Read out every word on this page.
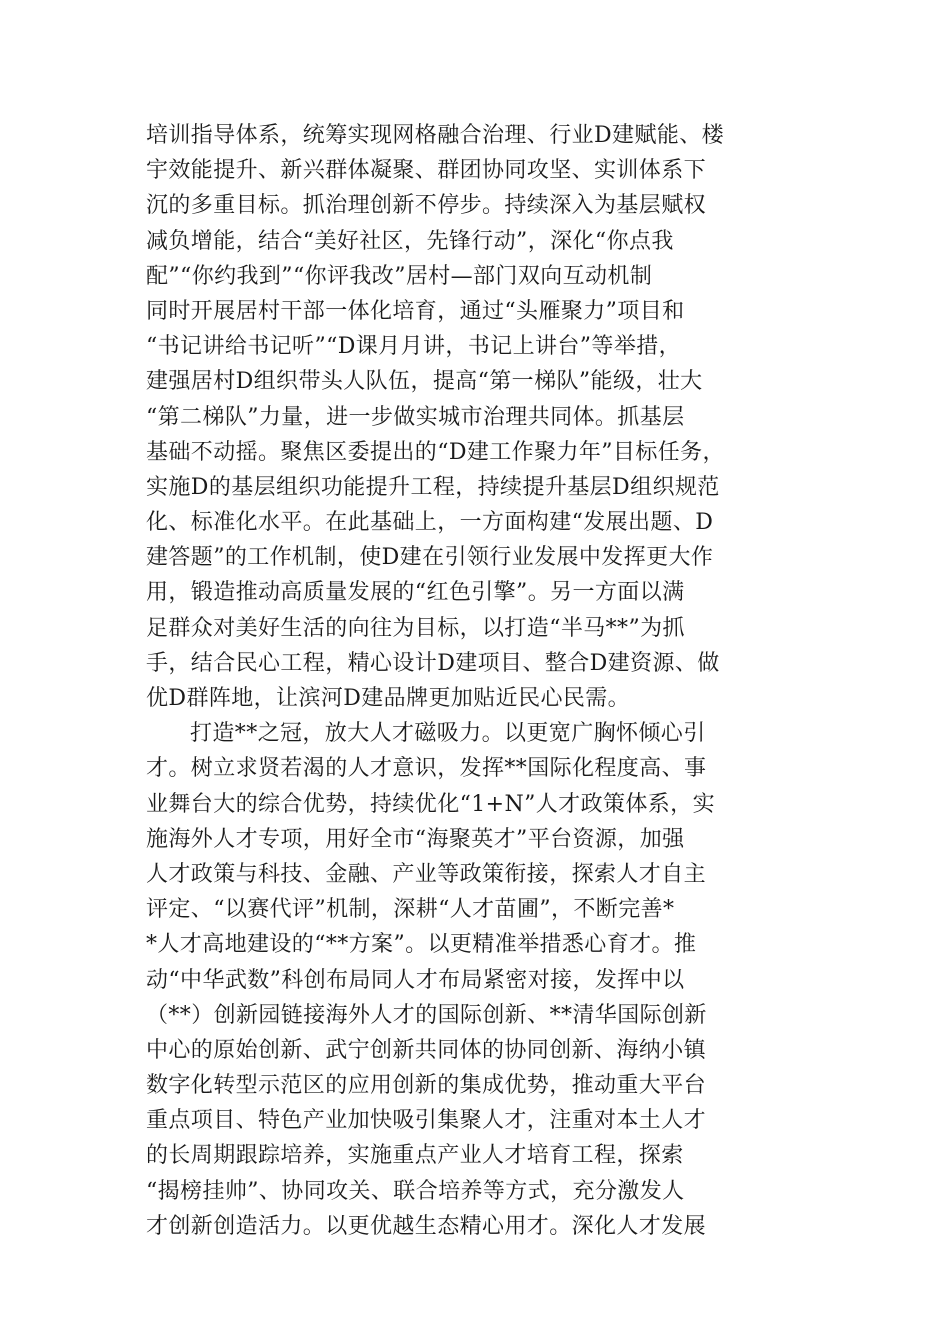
培训指导体系，统筹实现网格融合治理、行业D建赋能、楼
宇效能提升、新兴群体凝聚、群团协同攻坚、实训体系下
沉的多重目标。抓治理创新不停步。持续深入为基层赋权
减负增能，结合“美好社区，先锋行动”，深化“你点我
配”“你约我到”“你评我改”居村—部门双向互动机制
同时开展居村干部一体化培育，通过“头雁聚力”项目和
“书记讲给书记听”“D课月月讲，书记上讲台”等举措，
建强居村D组织带头人队伍，提高“第一梯队”能级，壮大
“第二梯队”力量，进一步做实城市治理共同体。抓基层
基础不动摇。聚焦区委提出的“D建工作聚力年”目标任务，
实施D的基层组织功能提升工程，持续提升基层D组织规范
化、标准化水平。在此基础上，一方面构建“发展出题、D
建答题”的工作机制，使D建在引领行业发展中发挥更大作
用，锻造推动高质量发展的“红色引擎”。另一方面以满
足群众对美好生活的向往为目标，以打造“半马**”为抓
手，结合民心工程，精心设计D建项目、整合D建资源、做
优D群阵地，让滨河D建品牌更加贴近民心民需。
打造**之冠，放大人才磁吸力。以更宽广胸怀倾心引
才。树立求贤若渴的人才意识，发挥**国际化程度高、事
业舞台大的综合优势，持续优化“1+N”人才政策体系，实
施海外人才专项，用好全市“海聚英才”平台资源，加强
人才政策与科技、金融、产业等政策衔接，探索人才自主
评定、“以赛代评”机制，深耕“人才苗圃”，不断完善*
*人才高地建设的“**方案”。以更精准举措悉心育才。推
动“中华武数”科创布局同人才布局紧密对接，发挥中以
（**）创新园链接海外人才的国际创新、**清华国际创新
中心的原始创新、武宁创新共同体的协同创新、海纳小镇
数字化转型示范区的应用创新的集成优势，推动重大平台
重点项目、特色产业加快吸引集聚人才，注重对本土人才
的长周期跟踪培养，实施重点产业人才培育工程，探索
“揭榜挂帅”、协同攻关、联合培养等方式，充分激发人
才创新创造活力。以更优越生态精心用才。深化人才发展
